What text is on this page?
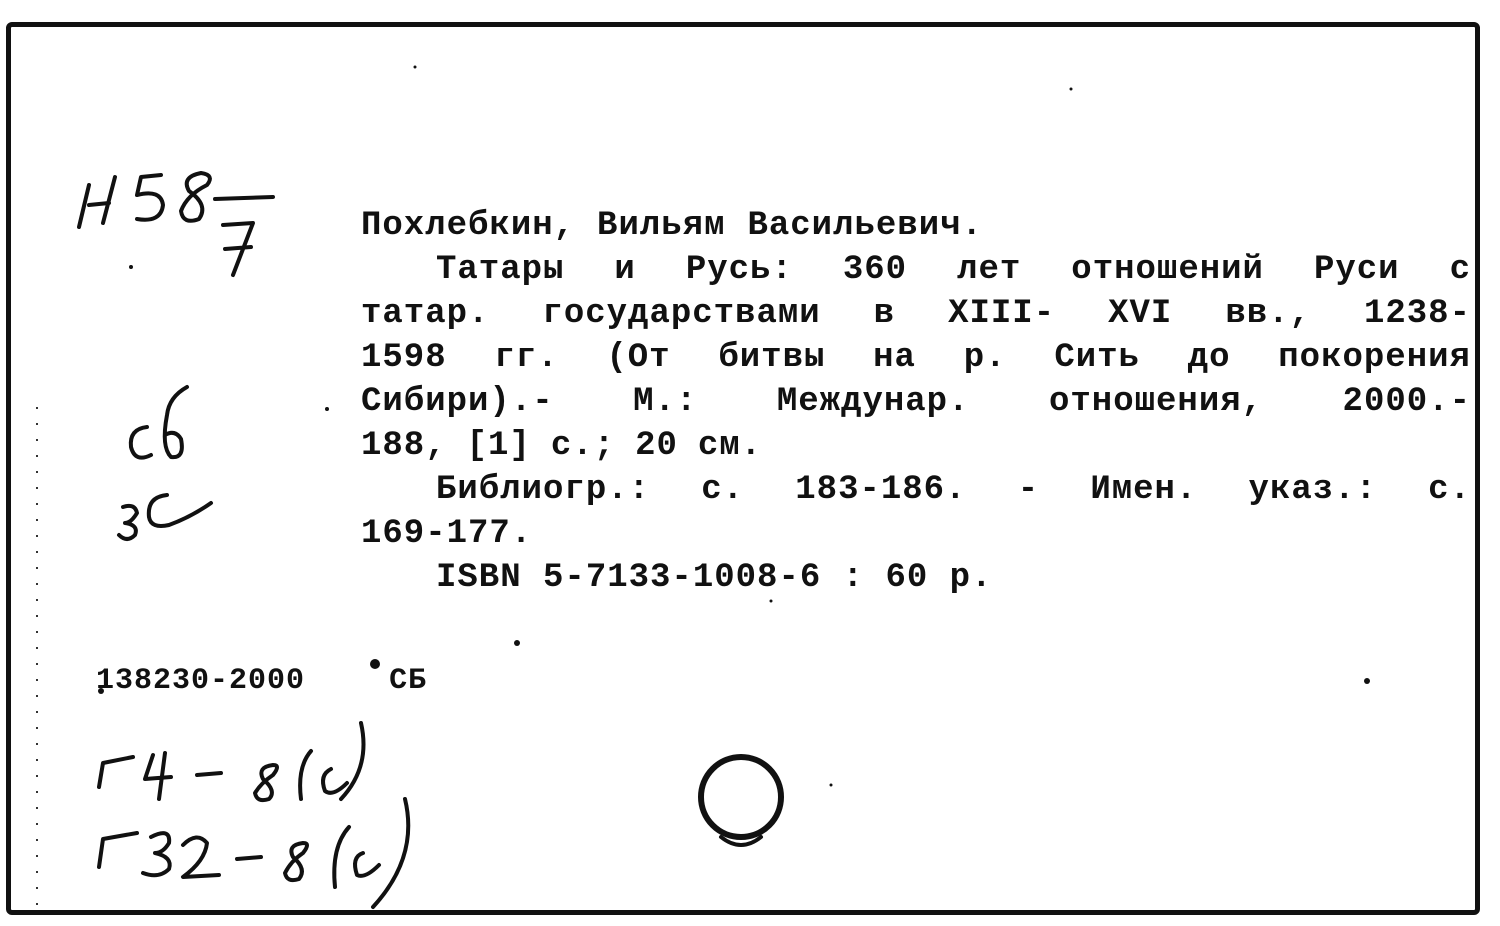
Похлебкин, Вильям Васильевич.
Татары и Русь: 360 лет отношений Руси с
татар. государствами в XIII- XVI вв., 1238-
1598 гг. (От битвы на р. Сить до покорения
Сибири).- М.: Междунар. отношения, 2000.-
188, [1] с.; 20 см.
Библиогр.: с. 183-186. - Имен. указ.: с.
169-177.
ISBN 5-7133-1008-6 : 60 р.
138230-2000	СБ
